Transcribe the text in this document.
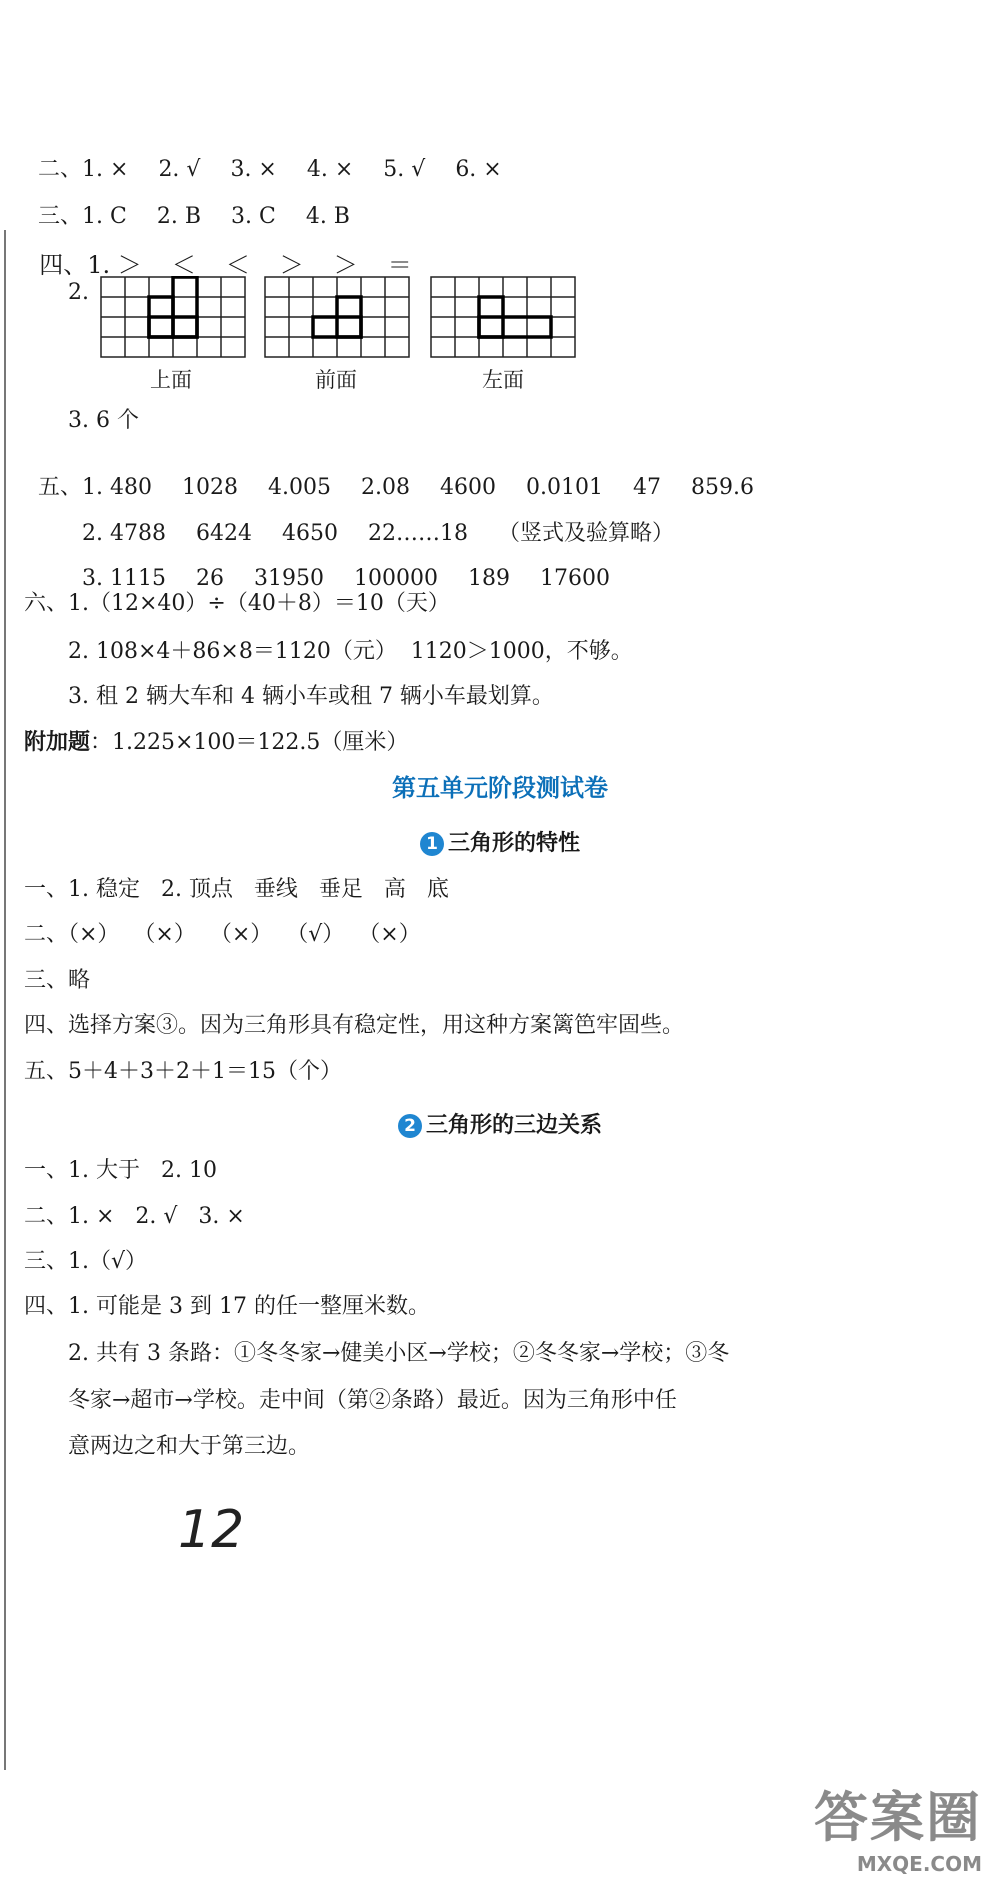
二、1. × 2. √ 3. × 4. × 5. √ 6. ×

三、1. C 2. B 3. C 4. B

四、1. ＞ ＜ ＜ ＞ ＞ ＝

2.
上面	前面	左面
3. 6 个

五、1. 480 1028 4.005 2.08 4600 0.0101 47 859.6

2. 4788 6424 4650 22……18 （竖式及验算略）

3. 1115 26 31950 100000 189 17600

六、1.（12×40）÷（40＋8）＝10（天）
2. 108×4＋86×8＝1120（元）  1120＞1000，不够。
3. 租 2 辆大车和 4 辆小车或租 7 辆小车最划算。
附加题：1.225×100＝122.5（厘米）
第五单元阶段测试卷
1 三角形的特性
一、1. 稳定   2. 顶点   垂线   垂足   高   底
二、（×）  （×）  （×）  （√）  （×）
三、略
四、选择方案③。因为三角形具有稳定性，用这种方案篱笆牢固些。
五、5＋4＋3＋2＋1＝15（个）
2 三角形的三边关系
一、1. 大于   2. 10
二、1. ×   2. √   3. ×
三、1.（√）
四、1. 可能是 3 到 17 的任一整厘米数。
2. 共有 3 条路：①冬冬家→健美小区→学校；②冬冬家→学校；③冬
冬家→超市→学校。走中间（第②条路）最近。因为三角形中任
意两边之和大于第三边。
12
答案圈
MXQE.COM
